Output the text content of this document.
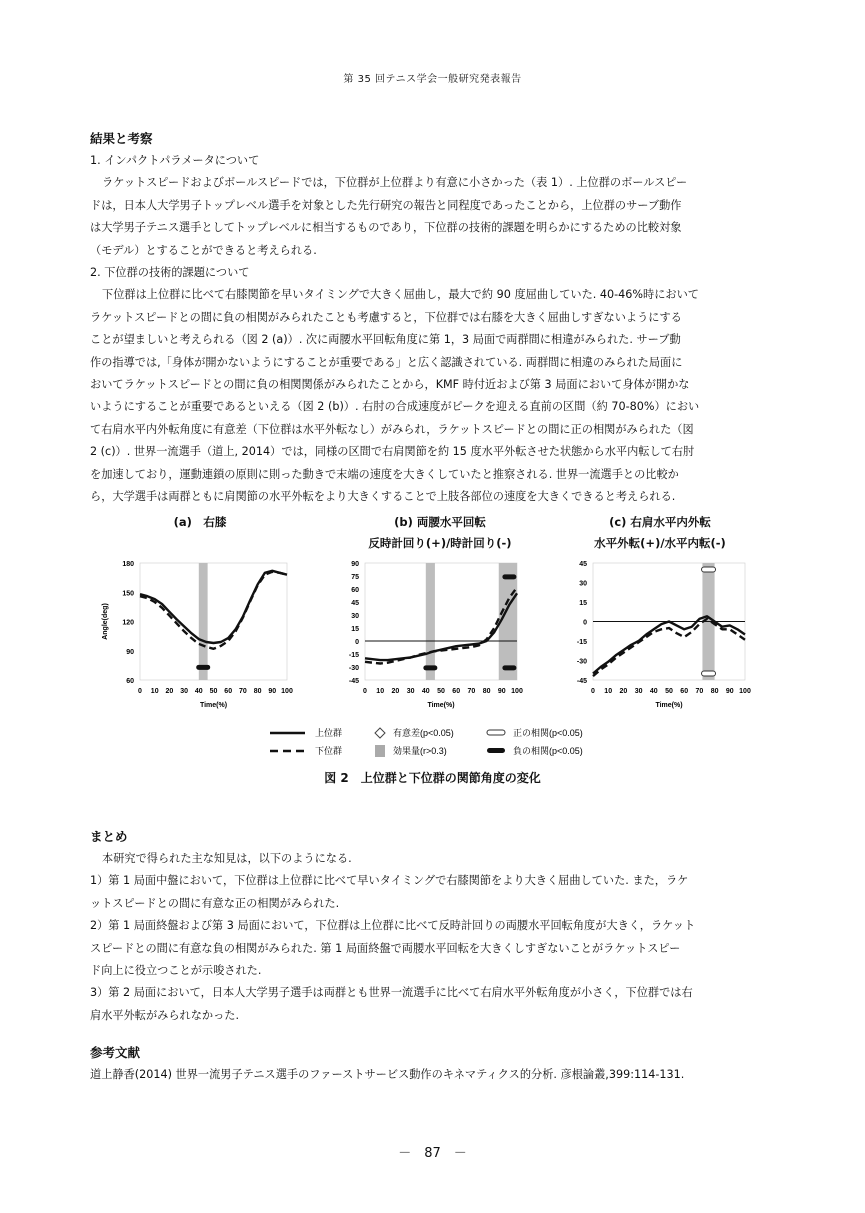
第 35 回テニス学会一般研究発表報告
結果と考察

1. インパクトパラメータについて

ラケットスピードおよびボールスピードでは，下位群が上位群より有意に小さかった（表 1）. 上位群のボールスピー

ドは，日本人大学男子トップレベル選手を対象とした先行研究の報告と同程度であったことから，上位群のサーブ動作

は大学男子テニス選手としてトップレベルに相当するものであり，下位群の技術的課題を明らかにするための比較対象

（モデル）とすることができると考えられる.

2. 下位群の技術的課題について

下位群は上位群に比べて右膝関節を早いタイミングで大きく屈曲し，最大で約 90 度屈曲していた. 40-46%時において

ラケットスピードとの間に負の相関がみられたことも考慮すると，下位群では右膝を大きく屈曲しすぎないようにする

ことが望ましいと考えられる（図 2 (a)）. 次に両腰水平回転角度に第 1，3 局面で両群間に相違がみられた. サーブ動

作の指導では,「身体が開かないようにすることが重要である」と広く認識されている. 両群間に相違のみられた局面に

おいてラケットスピードとの間に負の相関関係がみられたことから，KMF 時付近および第 3 局面において身体が開かな

いようにすることが重要であるといえる（図 2 (b)）. 右肘の合成速度がピークを迎える直前の区間（約 70-80%）におい

て右肩水平内外転角度に有意差（下位群は水平外転なし）がみられ，ラケットスピードとの間に正の相関がみられた（図

2 (c)）. 世界一流選手（道上, 2014）では，同様の区間で右肩関節を約 15 度水平外転させた状態から水平内転して右肘

を加速しており，運動連鎖の原則に則った動きで末端の速度を大きくしていたと推察される. 世界一流選手との比較か

ら，大学選手は両群ともに肩関節の水平外転をより大きくすることで上肢各部位の速度を大きくできると考えられる.

(a)　右膝	(b) 両腰水平回転
反時計回り(+)/時計回り(-)
(c) 右肩水平内外転
水平外転(+)/水平内転(-)
60
90
120
150
180
0 10 20 30 40 50 60 70 80 90 100
Time(%)
Angle(deg)
-45
-30
-15
0
15
30
45
60
75
90
0 10 20 30 40 50 60 70 80 90 100
Time(%)
-45
-30
-15
0
15
30
45
0 10 20 30 40 50 60 70 80 90 100
Time(%)
上位群
下位群
有意差(p<0.05)
効果量(r>0.3)
正の相関(p<0.05)
負の相関(p<0.05)
図 2　上位群と下位群の関節角度の変化
まとめ

本研究で得られた主な知見は，以下のようになる.

1）第 1 局面中盤において，下位群は上位群に比べて早いタイミングで右膝関節をより大きく屈曲していた. また，ラケ

ットスピードとの間に有意な正の相関がみられた.

2）第 1 局面終盤および第 3 局面において，下位群は上位群に比べて反時計回りの両腰水平回転角度が大きく，ラケット

スピードとの間に有意な負の相関がみられた. 第 1 局面終盤で両腰水平回転を大きくしすぎないことがラケットスピー

ド向上に役立つことが示唆された.

3）第 2 局面において，日本人大学男子選手は両群とも世界一流選手に比べて右肩水平外転角度が小さく，下位群では右

肩水平外転がみられなかった.

参考文献

道上静香(2014) 世界一流男子テニス選手のファーストサービス動作のキネマティクス的分析. 彦根論叢,399:114-131.

－　87　－
